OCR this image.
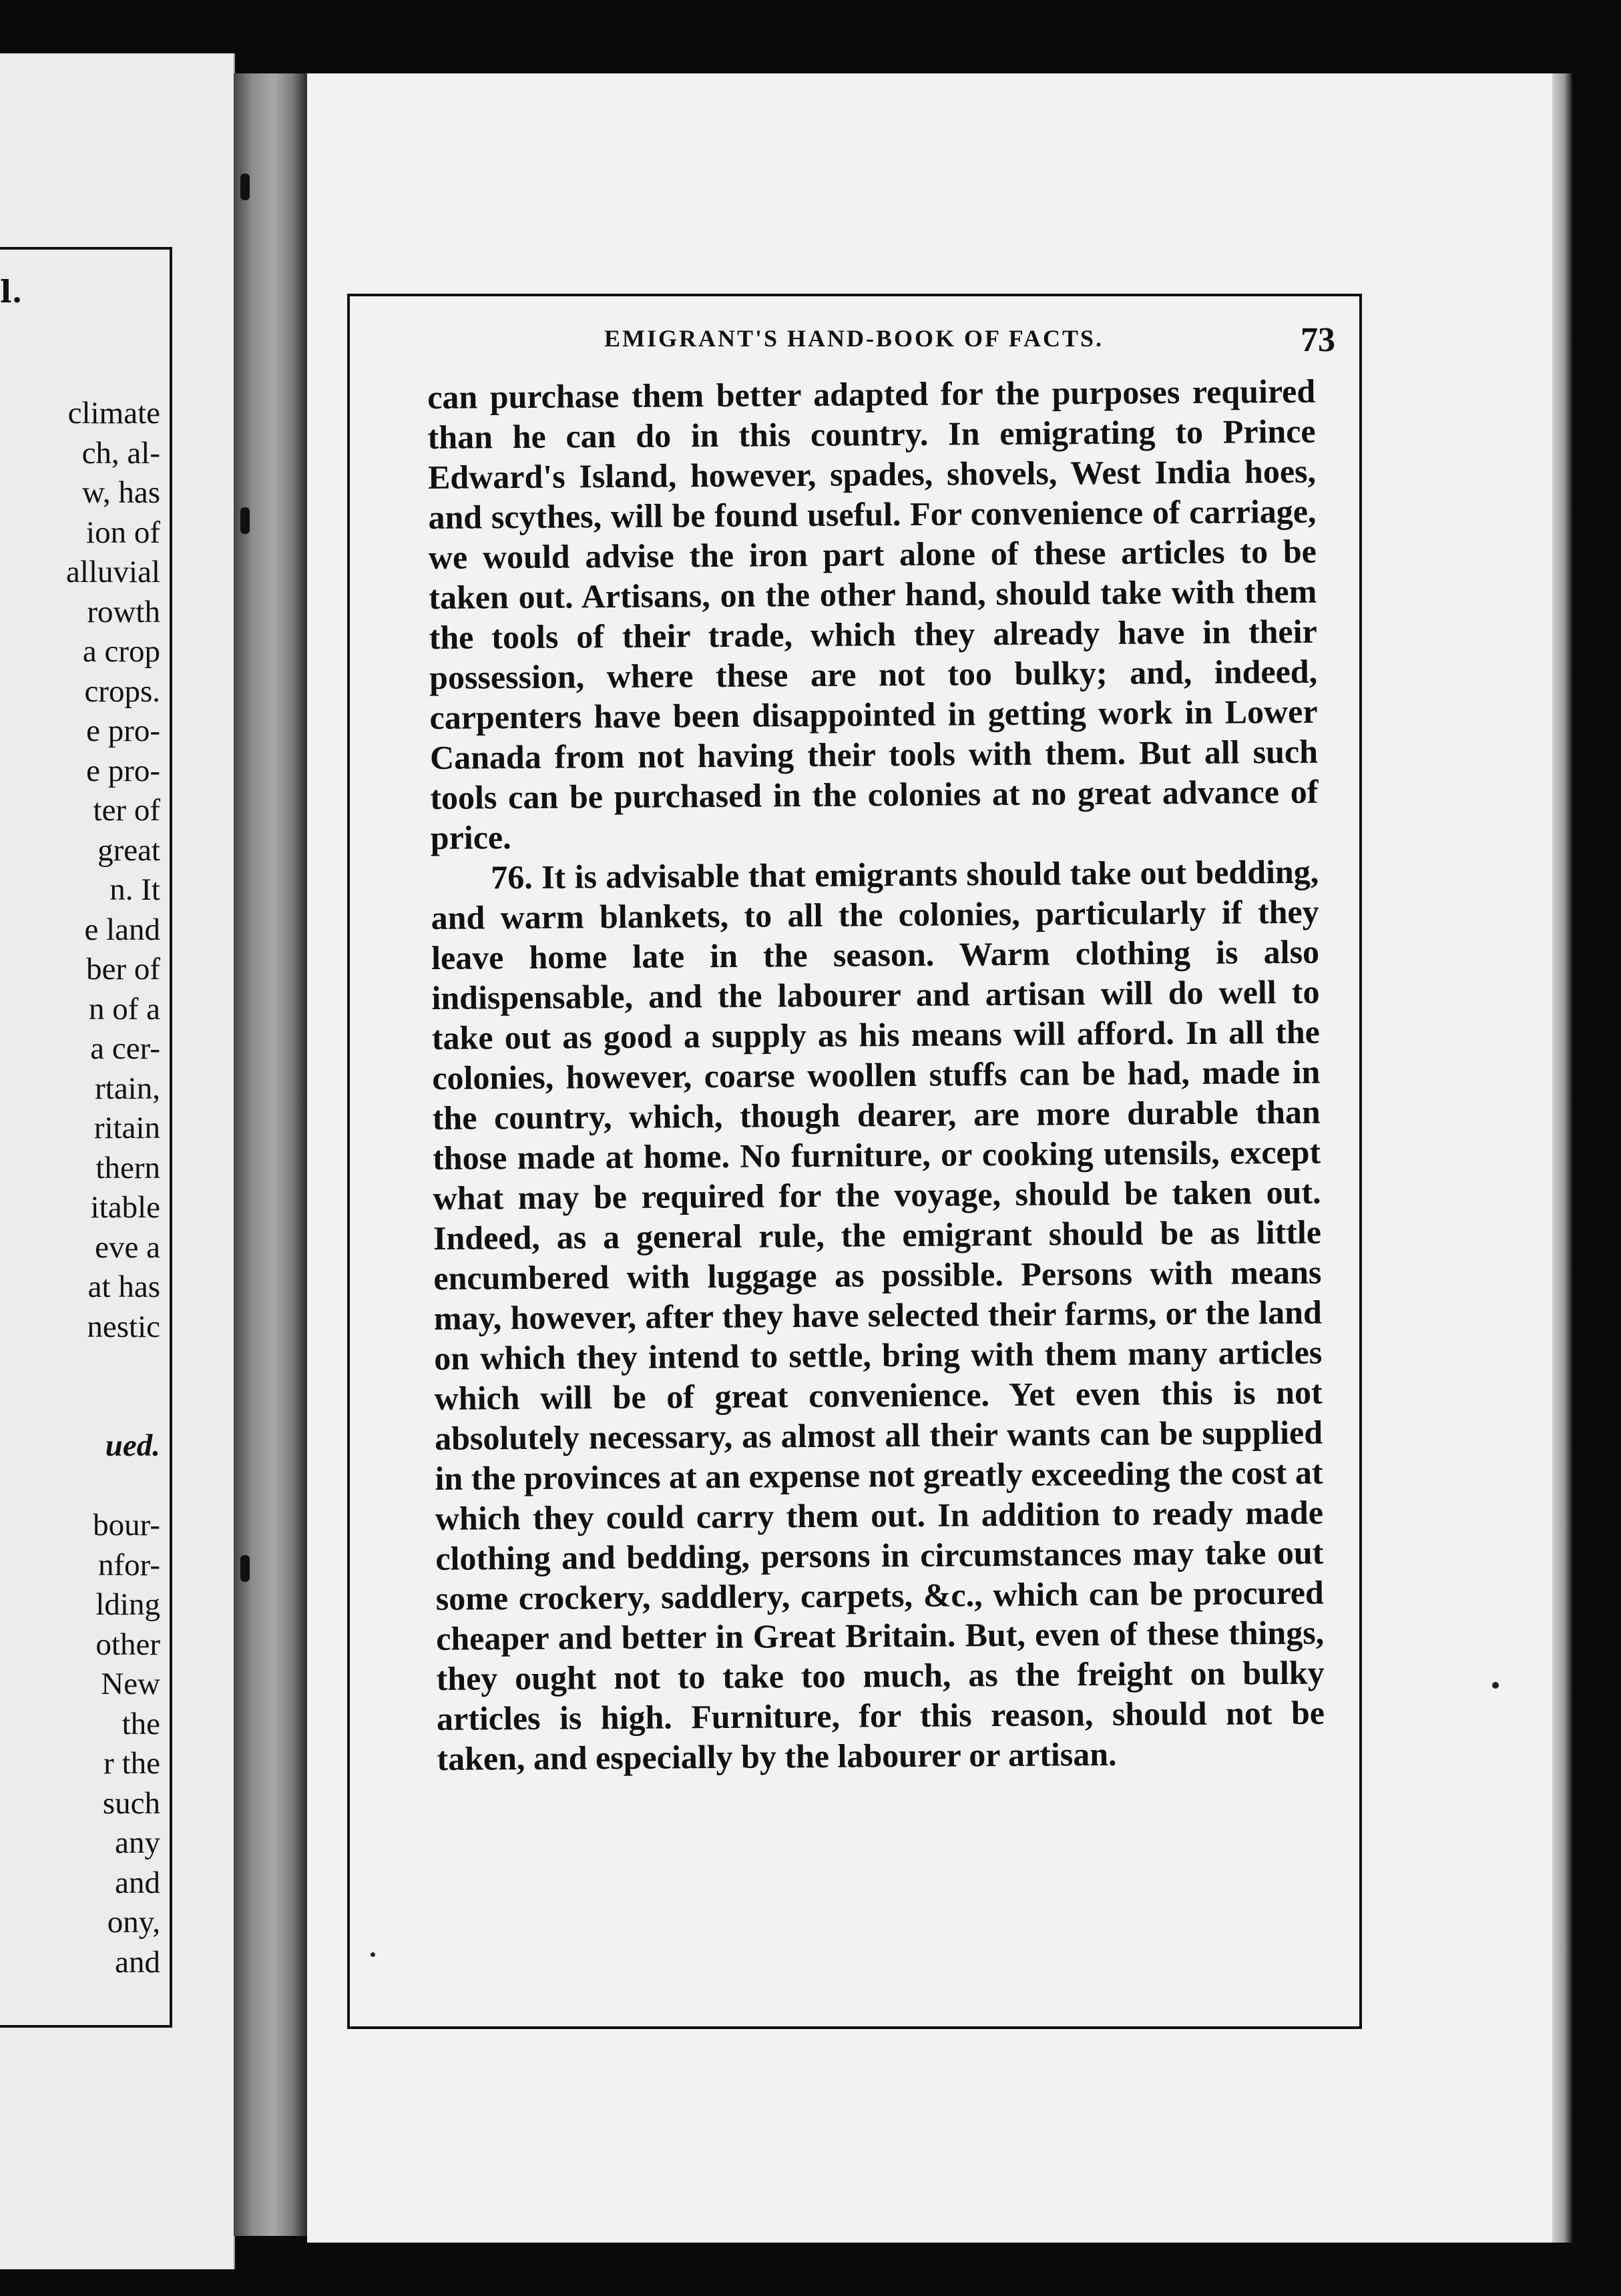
l.
climate
ch, al-
w, has
ion of
alluvial
rowth
a crop
crops.
e pro-
e pro-
ter of
great
n. It
e land
ber of
n of a
a cer-
rtain,
ritain
thern
itable
eve a
at has
nestic
ued.
bour-
nfor-
lding
other
New
the
r the
such
any
and
ony,
and
EMIGRANT'S HAND-BOOK OF FACTS.	73

can purchase them better adapted for the purposes required than he can do in this country. In emigrating to Prince Edward's Island, however, spades, shovels, West India hoes, and scythes, will be found useful. For convenience of carriage, we would advise the iron part alone of these articles to be taken out. Artisans, on the other hand, should take with them the tools of their trade, which they already have in their possession, where these are not too bulky; and, indeed, carpenters have been disappointed in getting work in Lower Canada from not having their tools with them. But all such tools can be purchased in the colonies at no great advance of price.

76. It is advisable that emigrants should take out bedding, and warm blankets, to all the colonies, particularly if they leave home late in the season. Warm clothing is also indispensable, and the labourer and artisan will do well to take out as good a supply as his means will afford. In all the colonies, however, coarse woollen stuffs can be had, made in the country, which, though dearer, are more durable than those made at home. No furniture, or cooking utensils, except what may be required for the voyage, should be taken out. Indeed, as a general rule, the emigrant should be as little encumbered with luggage as possible. Persons with means may, however, after they have selected their farms, or the land on which they intend to settle, bring with them many articles which will be of great convenience. Yet even this is not absolutely necessary, as almost all their wants can be supplied in the provinces at an expense not greatly exceeding the cost at which they could carry them out. In addition to ready made clothing and bedding, persons in circumstances may take out some crockery, saddlery, carpets, &c., which can be procured cheaper and better in Great Britain. But, even of these things, they ought not to take too much, as the freight on bulky articles is high. Furniture, for this reason, should not be taken, and especially by the labourer or artisan.
